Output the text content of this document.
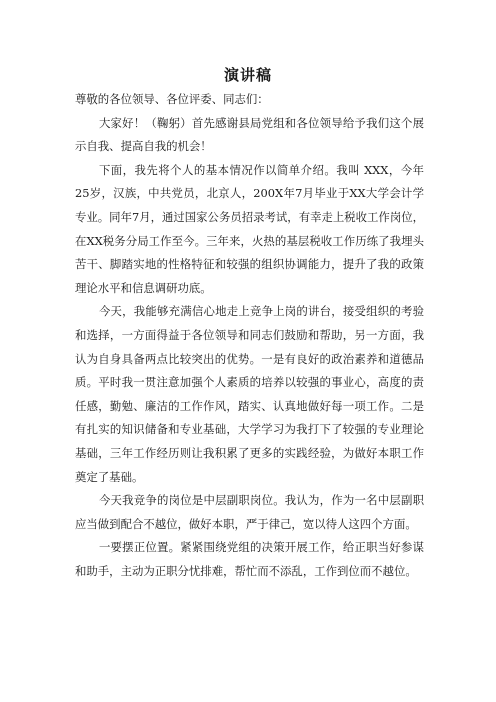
演讲稿

尊敬的各位领导、各位评委、同志们：

大家好！（鞠躬）首先感谢县局党组和各位领导给予我们这个展示自我、提高自我的机会！

下面，我先将个人的基本情况作以简单介绍。我叫 XXX，今年25岁，汉族，中共党员，北京人，200X年7月毕业于XX大学会计学专业。同年7月，通过国家公务员招录考试，有幸走上税收工作岗位，在XX税务分局工作至今。三年来，火热的基层税收工作历练了我埋头苦干、脚踏实地的性格特征和较强的组织协调能力，提升了我的政策理论水平和信息调研功底。

今天，我能够充满信心地走上竞争上岗的讲台，接受组织的考验和选择，一方面得益于各位领导和同志们鼓励和帮助，另一方面，我认为自身具备两点比较突出的优势。一是有良好的政治素养和道德品质。平时我一贯注意加强个人素质的培养以较强的事业心，高度的责任感，勤勉、廉洁的工作作风，踏实、认真地做好每一项工作。二是有扎实的知识储备和专业基础，大学学习为我打下了较强的专业理论基础，三年工作经历则让我积累了更多的实践经验，为做好本职工作奠定了基础。

今天我竞争的岗位是中层副职岗位。我认为，作为一名中层副职应当做到配合不越位，做好本职，严于律己，宽以待人这四个方面。

一要摆正位置。紧紧围绕党组的决策开展工作，给正职当好参谋和助手，主动为正职分忧排难，帮忙而不添乱，工作到位而不越位。
